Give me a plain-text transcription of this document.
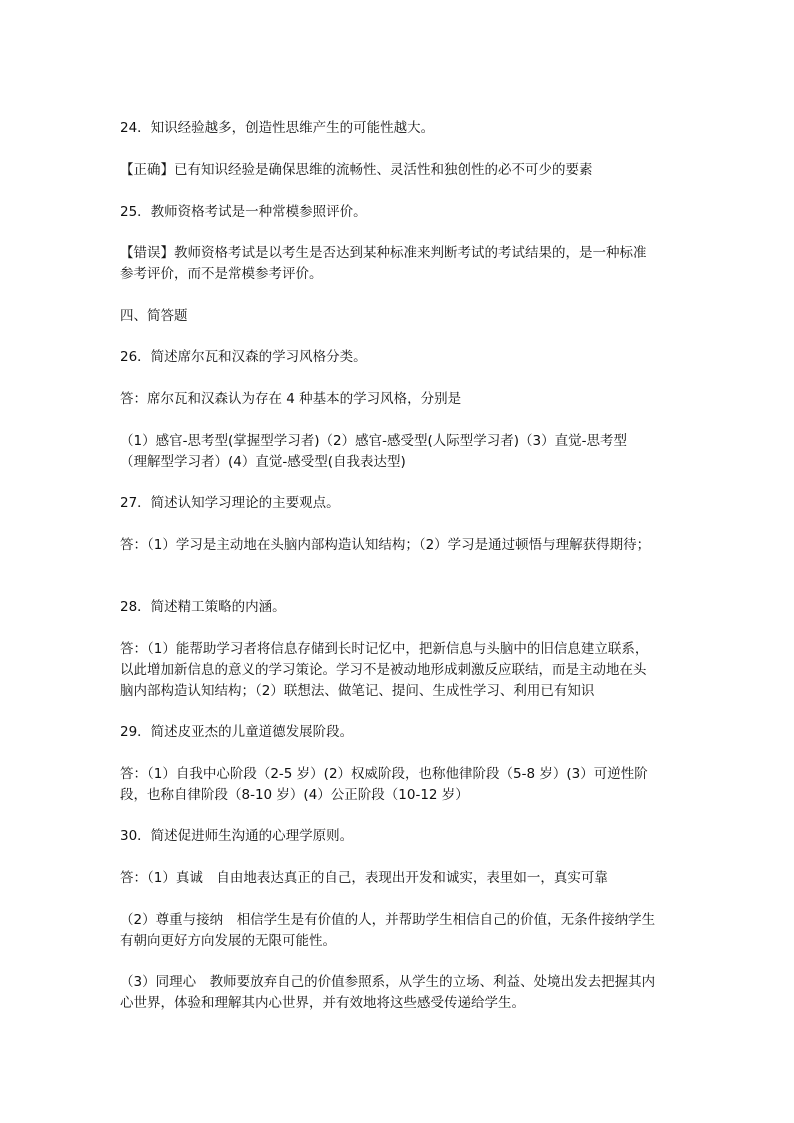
24．知识经验越多，创造性思维产生的可能性越大。
【正确】已有知识经验是确保思维的流畅性、灵活性和独创性的必不可少的要素
25．教师资格考试是一种常模参照评价。
【错误】教师资格考试是以考生是否达到某种标准来判断考试的考试结果的，是一种标准
参考评价，而不是常模参考评价。
四、简答题
26．简述席尔瓦和汉森的学习风格分类。
答：席尔瓦和汉森认为存在 4 种基本的学习风格，分别是
（1）感官-思考型(掌握型学习者)（2）感官-感受型(人际型学习者)（3）直觉-思考型
（理解型学习者）(4）直觉-感受型(自我表达型)
27．简述认知学习理论的主要观点。
答：（1）学习是主动地在头脑内部构造认知结构；（2）学习是通过顿悟与理解获得期待；
28．简述精工策略的内涵。
答：（1）能帮助学习者将信息存储到长时记忆中，把新信息与头脑中的旧信息建立联系，
以此增加新信息的意义的学习策论。学习不是被动地形成刺激反应联结，而是主动地在头
脑内部构造认知结构；（2）联想法、做笔记、提问、生成性学习、利用已有知识
29．简述皮亚杰的儿童道德发展阶段。
答：（1）自我中心阶段（2-5 岁）(2）权威阶段，也称他律阶段（5-8 岁）(3）可逆性阶
段，也称自律阶段（8-10 岁）(4）公正阶段（10-12 岁）
30．简述促进师生沟通的心理学原则。
答：（1）真诚　自由地表达真正的自己，表现出开发和诚实，表里如一，真实可靠
（2）尊重与接纳　相信学生是有价值的人，并帮助学生相信自己的价值，无条件接纳学生
有朝向更好方向发展的无限可能性。
（3）同理心　教师要放弃自己的价值参照系，从学生的立场、利益、处境出发去把握其内
心世界，体验和理解其内心世界，并有效地将这些感受传递给学生。
